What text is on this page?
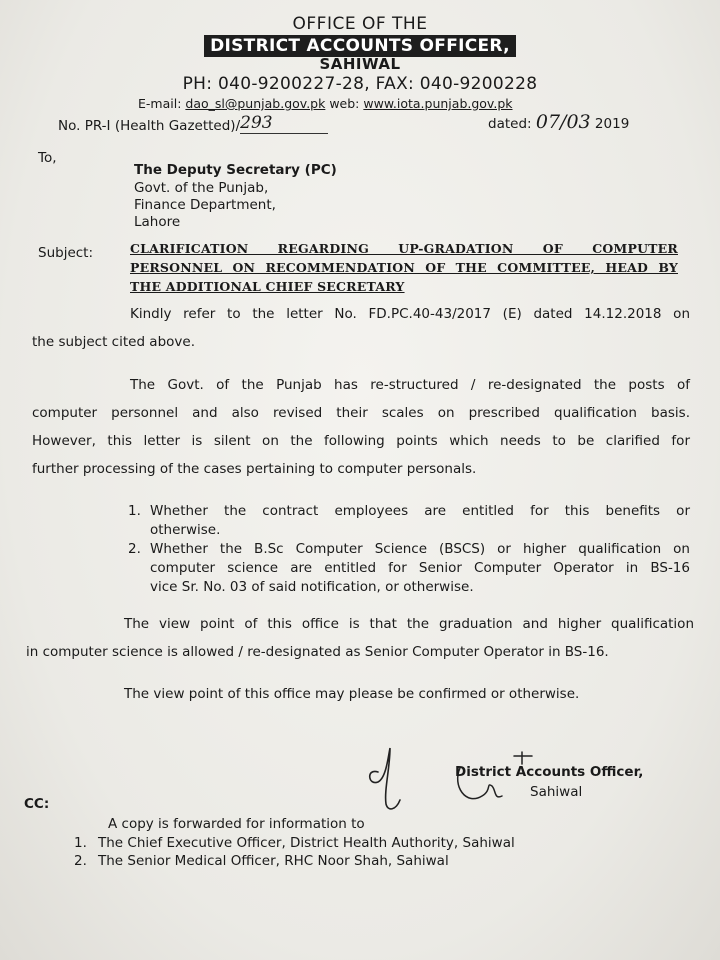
OFFICE OF THE
DISTRICT ACCOUNTS OFFICER,
SAHIWAL
PH: 040-9200227-28, FAX: 040-9200228
E-mail: dao_sl@punjab.gov.pk web: www.iota.punjab.gov.pk
No. PR-I (Health Gazetted)/293	dated: 07/03 2019
To,
The Deputy Secretary (PC)
Govt. of the Punjab,
Finance Department,
Lahore
Subject:	CLARIFICATION REGARDING UP-GRADATION OF COMPUTER
PERSONNEL ON RECOMMENDATION OF THE COMMITTEE, HEAD BY
THE ADDITIONAL CHIEF SECRETARY
Kindly refer to the letter No. FD.PC.40-43/2017 (E) dated 14.12.2018 on
the subject cited above.
The Govt. of the Punjab has re-structured / re-designated the posts of
computer personnel and also revised their scales on prescribed qualification basis.
However, this letter is silent on the following points which needs to be clarified for
further processing of the cases pertaining to computer personals.
1. Whether the contract employees are entitled for this benefits or
otherwise.
2. Whether the B.Sc Computer Science (BSCS) or higher qualification on
computer science are entitled for Senior Computer Operator in BS-16
vice Sr. No. 03 of said notification, or otherwise.
The view point of this office is that the graduation and higher qualification
in computer science is allowed / re-designated as Senior Computer Operator in BS-16.
The view point of this office may please be confirmed or otherwise.
District Accounts Officer,
Sahiwal
CC:
A copy is forwarded for information to
1. The Chief Executive Officer, District Health Authority, Sahiwal
2. The Senior Medical Officer, RHC Noor Shah, Sahiwal
